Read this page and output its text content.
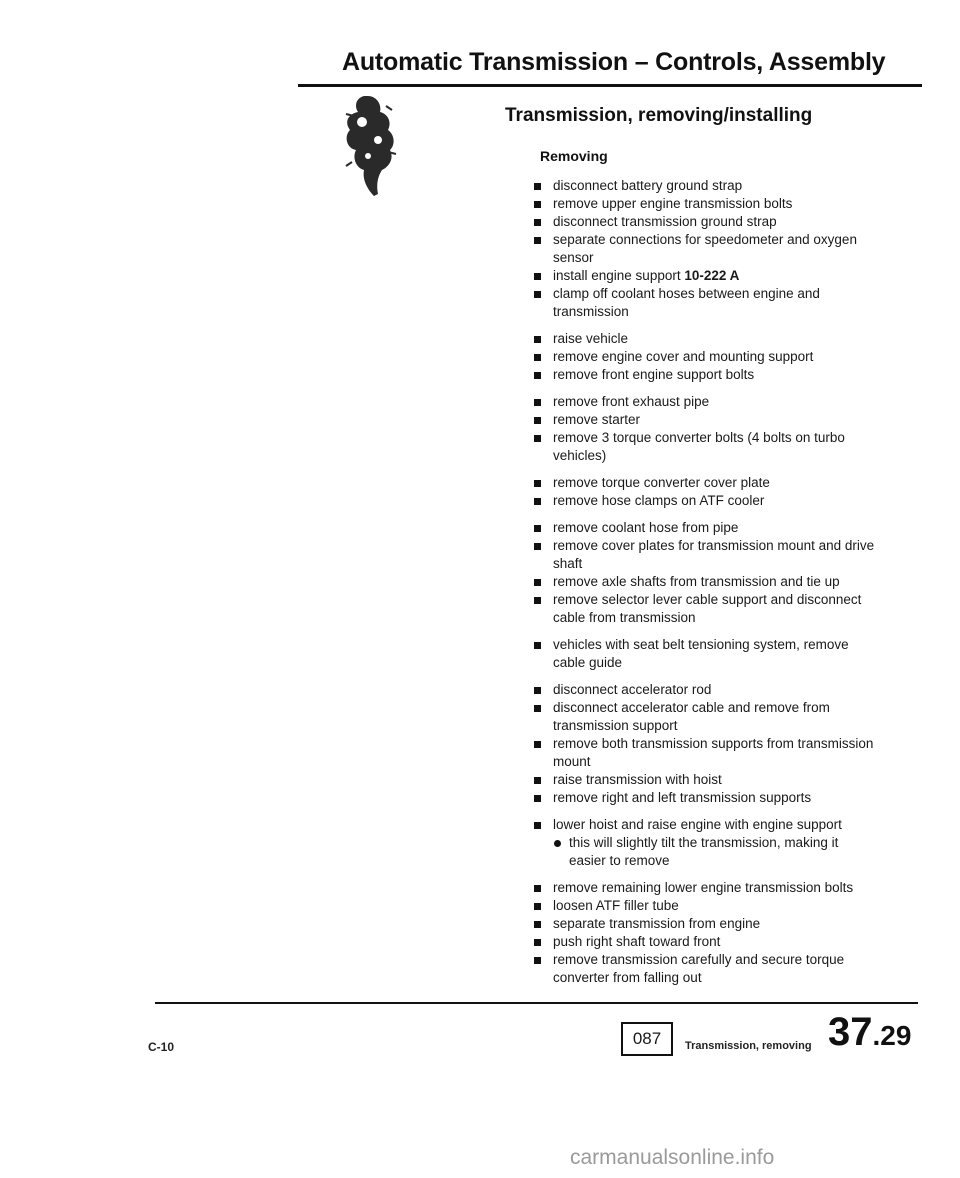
Automatic Transmission – Controls, Assembly
Transmission, removing/installing
Removing
disconnect battery ground strap
remove upper engine transmission bolts
disconnect transmission ground strap
separate connections for speedometer and oxygen sensor
install engine support 10-222 A
clamp off coolant hoses between engine and transmission
raise vehicle
remove engine cover and mounting support
remove front engine support bolts
remove front exhaust pipe
remove starter
remove 3 torque converter bolts (4 bolts on turbo vehicles)
remove torque converter cover plate
remove hose clamps on ATF cooler
remove coolant hose from pipe
remove cover plates for transmission mount and drive shaft
remove axle shafts from transmission and tie up
remove selector lever cable support and disconnect cable from transmission
vehicles with seat belt tensioning system, remove cable guide
disconnect accelerator rod
disconnect accelerator cable and remove from transmission support
remove both transmission supports from transmission mount
raise transmission with hoist
remove right and left transmission supports
lower hoist and raise engine with engine support
this will slightly tilt the transmission, making it easier to remove
remove remaining lower engine transmission bolts
loosen ATF filler tube
separate transmission from engine
push right shaft toward front
remove transmission carefully and secure torque converter from falling out
C-10	087	Transmission, removing 37.29
carmanualsonline.info
